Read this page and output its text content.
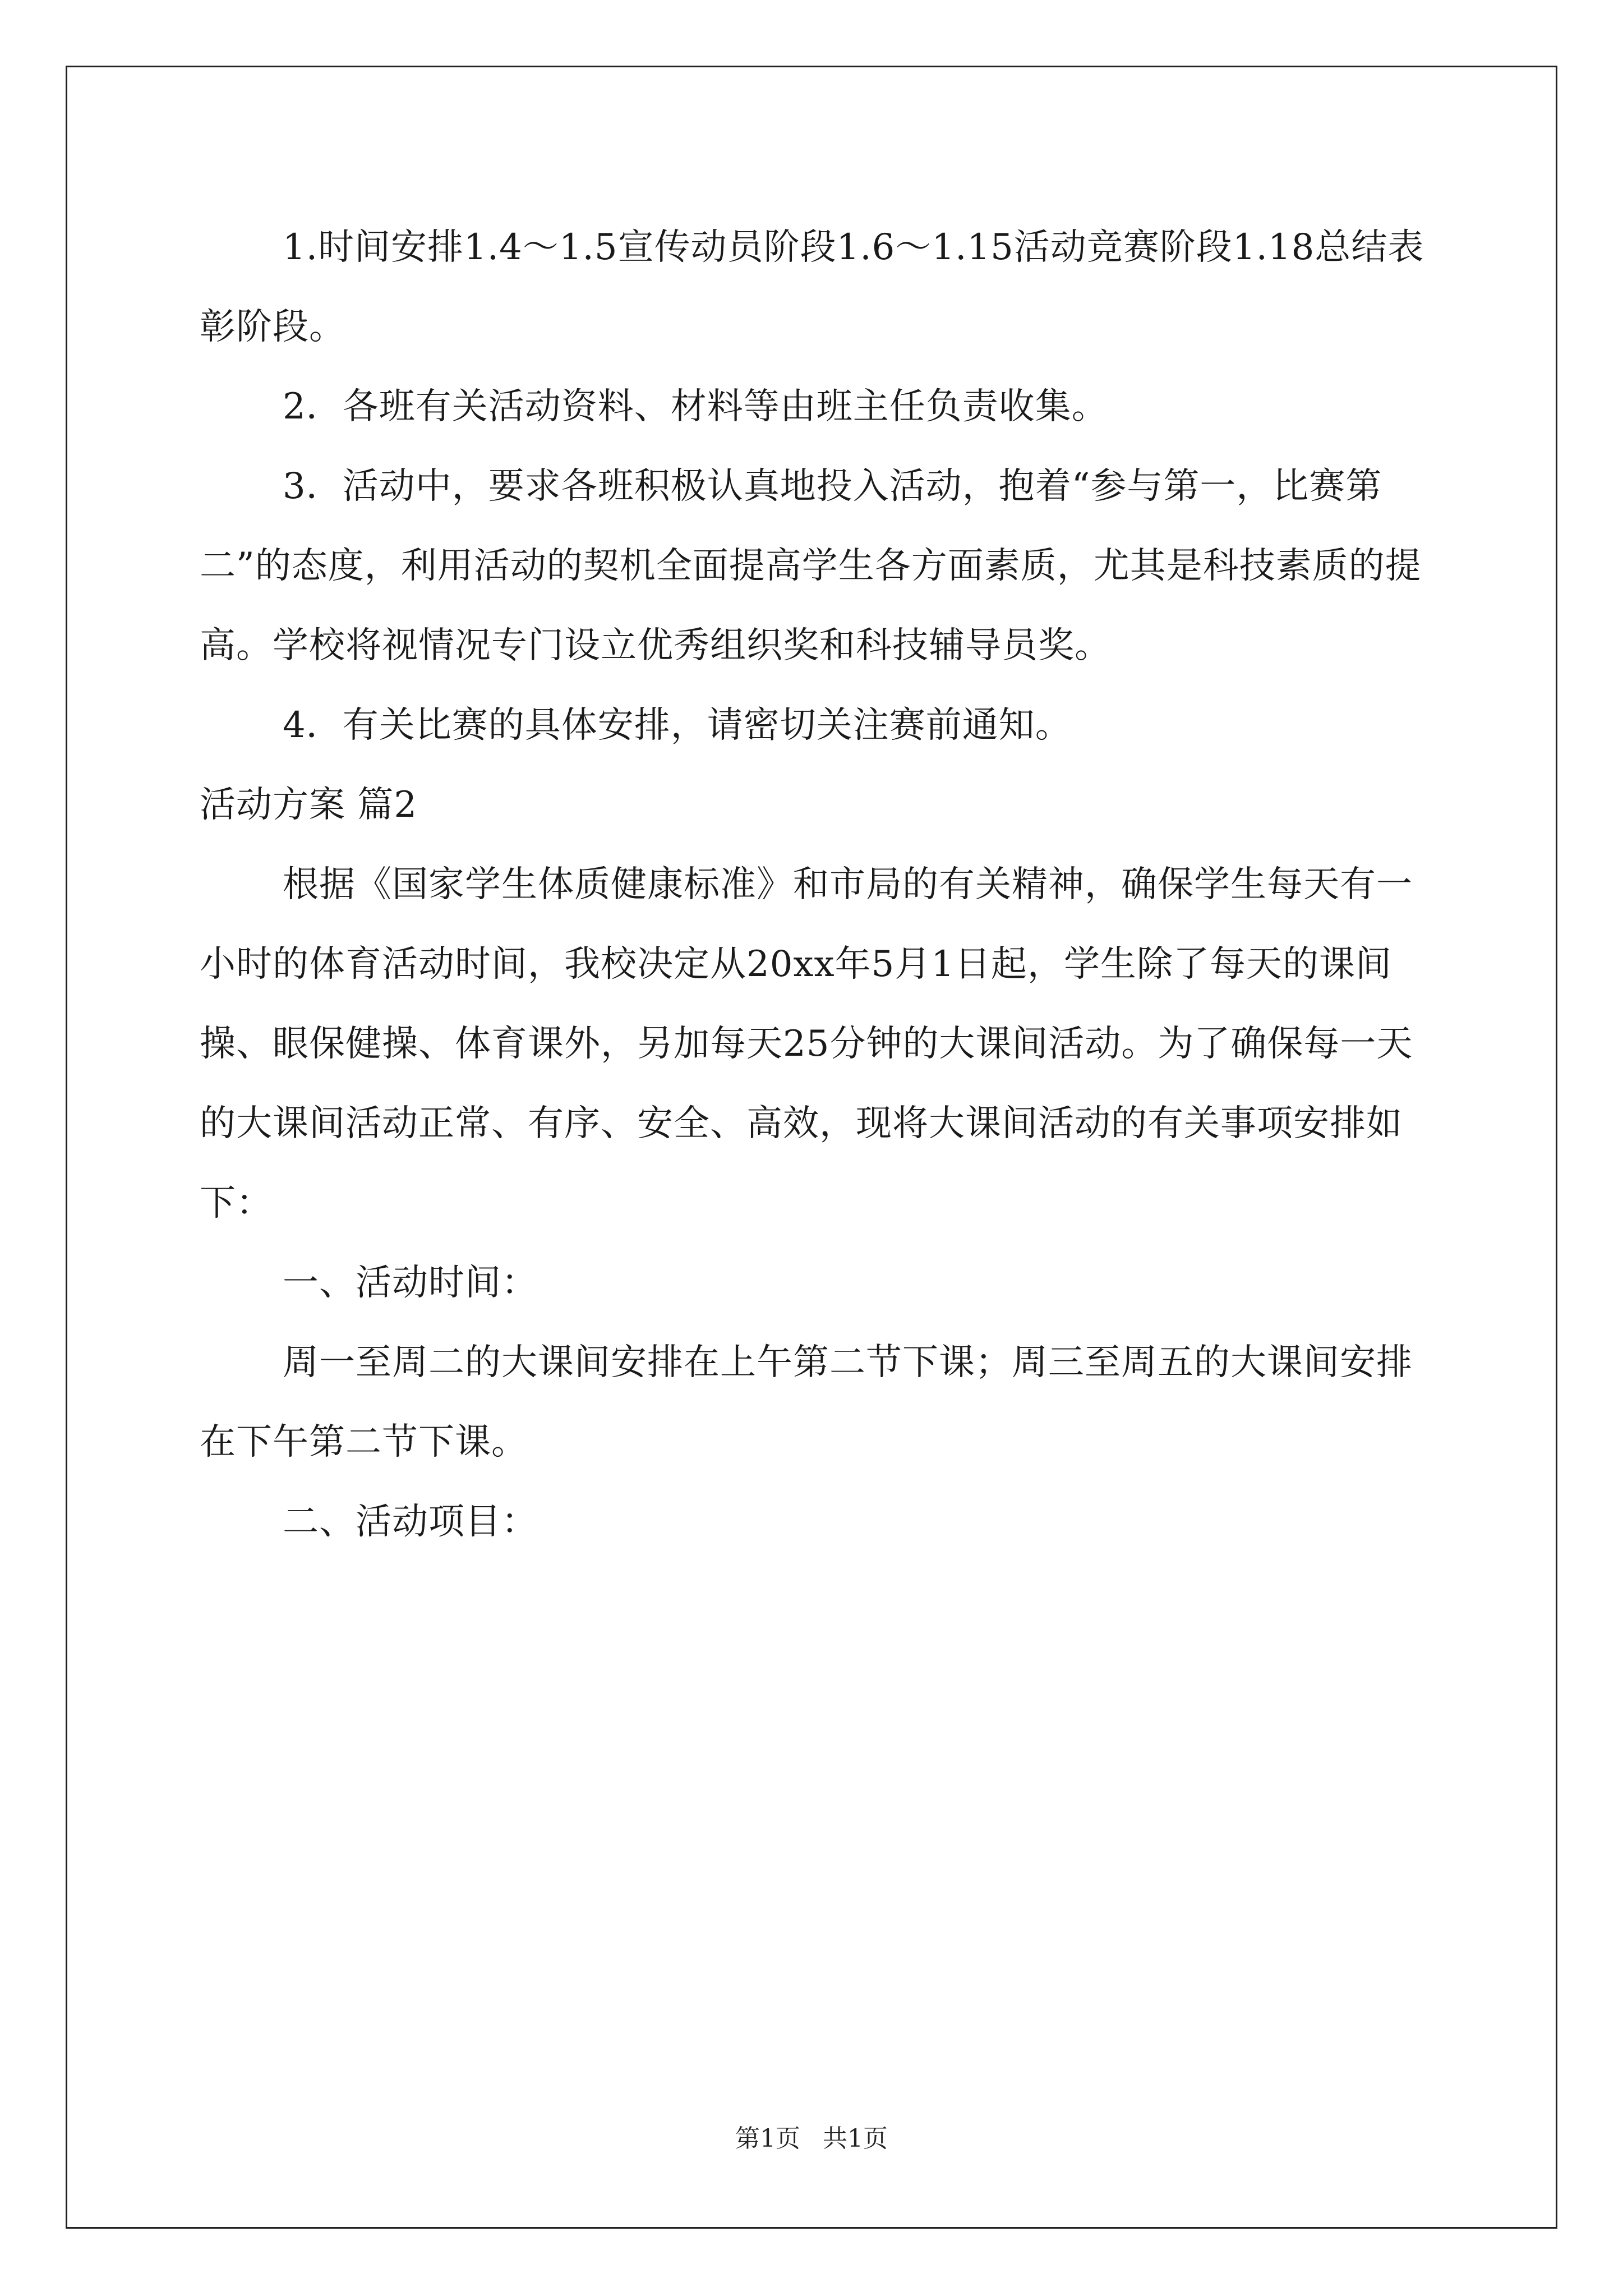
1.时间安排1.4～1.5宣传动员阶段1.6～1.15活动竞赛阶段1.18总结表彰阶段。

2．各班有关活动资料、材料等由班主任负责收集。

3．活动中，要求各班积极认真地投入活动，抱着“参与第一，比赛第二”的态度，利用活动的契机全面提高学生各方面素质，尤其是科技素质的提高。学校将视情况专门设立优秀组织奖和科技辅导员奖。

4．有关比赛的具体安排，请密切关注赛前通知。

活动方案 篇2

根据《国家学生体质健康标准》和市局的有关精神，确保学生每天有一小时的体育活动时间，我校决定从20xx年5月1日起，学生除了每天的课间操、眼保健操、体育课外，另加每天25分钟的大课间活动。为了确保每一天的大课间活动正常、有序、安全、高效，现将大课间活动的有关事项安排如下：

一、活动时间：

周一至周二的大课间安排在上午第二节下课；周三至周五的大课间安排在下午第二节下课。

二、活动项目：

第1页 共1页
